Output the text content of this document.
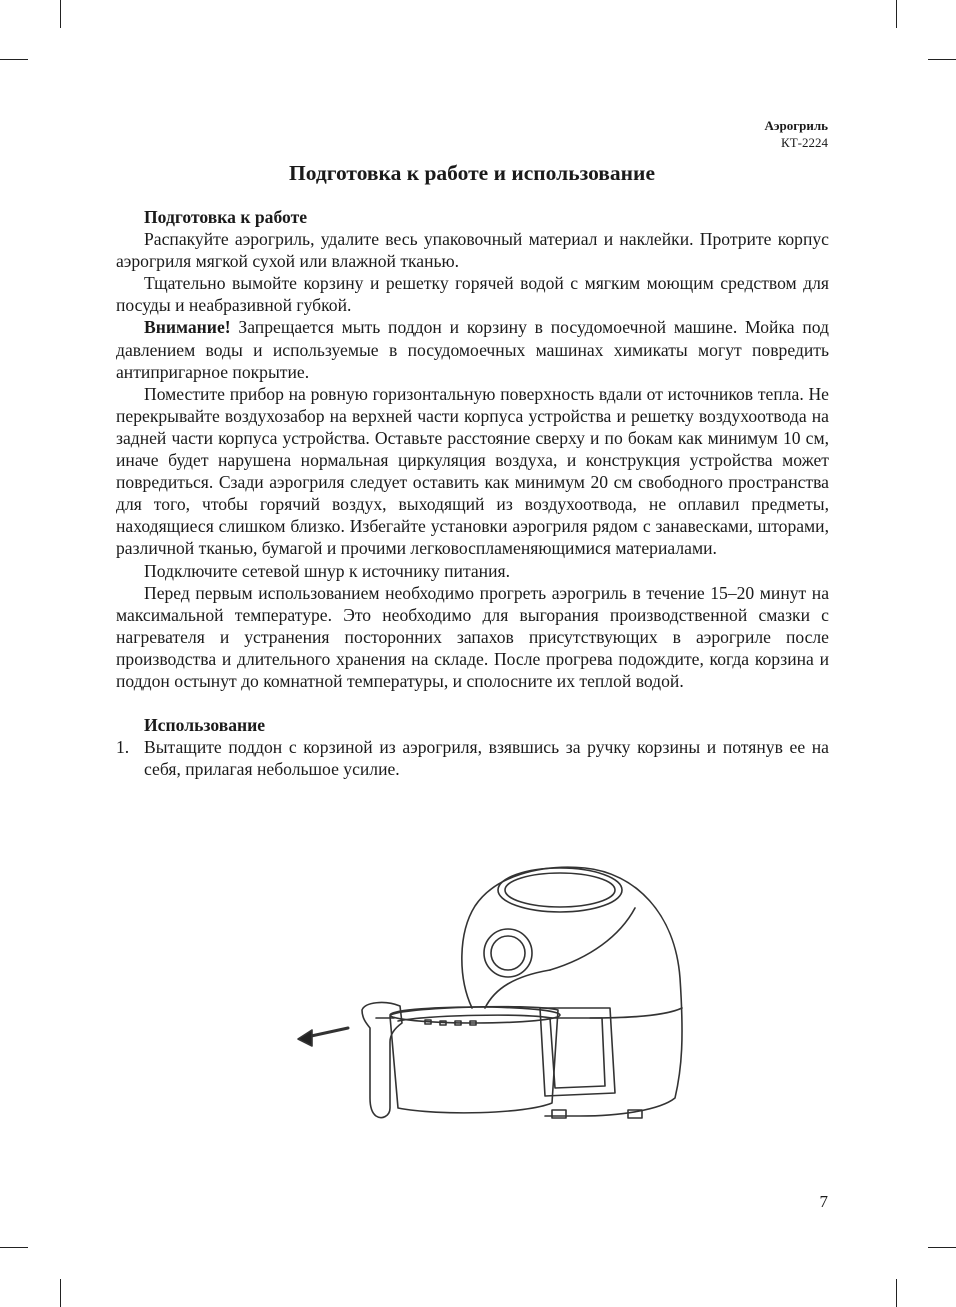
Аэрогриль
КТ-2224
Подготовка к работе и использование

Подготовка к работе

Распакуйте аэрогриль, удалите весь упаковочный материал и наклейки. Протрите корпус аэрогриля мягкой сухой или влажной тканью.

Тщательно вымойте корзину и решетку горячей водой с мягким моющим средством для посуды и неабразивной губкой.

Внимание! Запрещается мыть поддон и корзину в посудомоечной машине. Мойка под давлением воды и используемые в посудомоечных машинах химикаты могут повредить антипригарное покрытие.

Поместите прибор на ровную горизонтальную поверхность вдали от источников тепла. Не перекрывайте воздухозабор на верхней части корпуса устройства и решетку воздухоотвода на задней части корпуса устройства. Оставьте расстояние сверху и по бокам как минимум 10 см, иначе будет нарушена нормальная циркуляция воздуха, и конструкция устройства может повредиться. Сзади аэрогриля следует оставить как минимум 20 см свободного пространства для того, чтобы горячий воздух, выходящий из воздухоотвода, не оплавил предметы, находящиеся слишком близко. Избегайте установки аэрогриля рядом с занавесками, шторами, различной тканью, бумагой и прочими легковоспламеняющимися материалами.

Подключите сетевой шнур к источнику питания.

Перед первым использованием необходимо прогреть аэрогриль в течение 15–20 минут на максимальной температуре. Это необходимо для выгорания производственной смазки с нагревателя и устранения посторонних запахов присутствующих в аэрогриле после производства и длительного хранения на складе. После прогрева подождите, когда корзина и поддон остынут до комнатной температуры, и сполосните их теплой водой.

Использование

1. Вытащите поддон с корзиной из аэрогриля, взявшись за ручку корзины и потянув ее на себя, прилагая небольшое усилие.
7
